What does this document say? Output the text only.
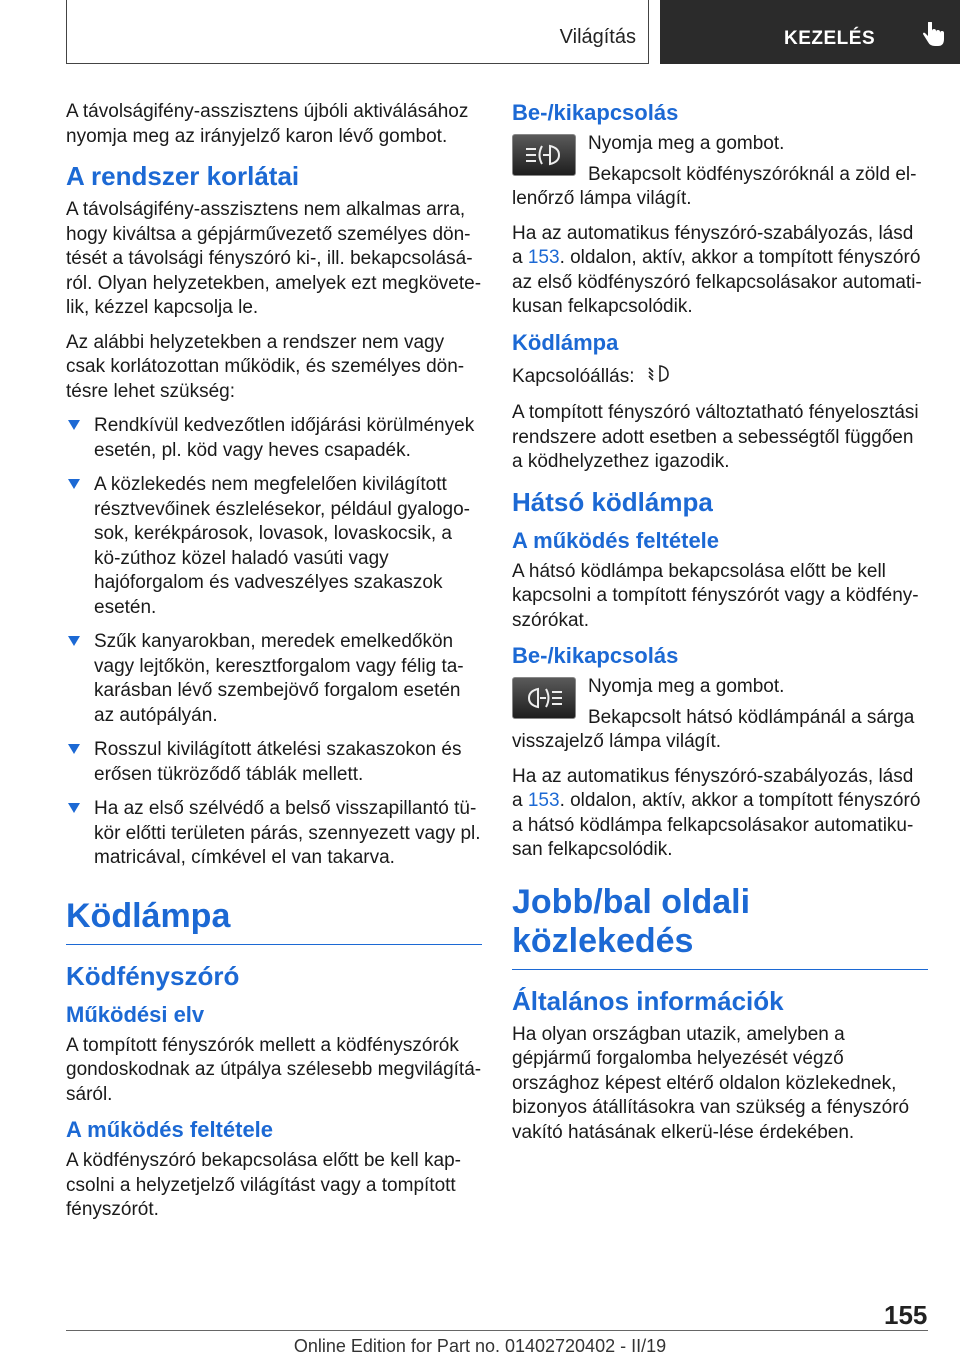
Világítás	KEZELÉS

A távolságifény-asszisztens újbóli aktiválásához nyomja meg az irányjelző karon lévő gombot.

A rendszer korlátai

A távolságifény-asszisztens nem alkalmas arra, hogy kiváltsa a gépjárművezető személyes dön-tését a távolsági fényszóró ki-, ill. bekapcsolásá-ról. Olyan helyzetekben, amelyek ezt megkövete-lik, kézzel kapcsolja le.

Az alábbi helyzetekben a rendszer nem vagy csak korlátozottan működik, és személyes dön-tésre lehet szükség:

Rendkívül kedvezőtlen időjárási körülmények esetén, pl. köd vagy heves csapadék.
A közlekedés nem megfelelően kivilágított résztvevőinek észlelésekor, például gyalogo-sok, kerékpárosok, lovasok, lovaskocsik, a kö-zúthoz közel haladó vasúti vagy hajóforgalom és vadveszélyes szakaszok esetén.
Szűk kanyarokban, meredek emelkedőkön vagy lejtőkön, keresztforgalom vagy félig ta-karásban lévő szembejövő forgalom esetén az autópályán.
Rosszul kivilágított átkelési szakaszokon és erősen tükröződő táblák mellett.
Ha az első szélvédő a belső visszapillantó tü-kör előtti területen párás, szennyezett vagy pl. matricával, címkével el van takarva.
Ködlámpa
Ködfényszóró
Működési elv

A tompított fényszórók mellett a ködfényszórók gondoskodnak az útpálya szélesebb megvilágítá-sáról.

A működés feltétele

A ködfényszóró bekapcsolása előtt be kell kap-csolni a helyzetjelző világítást vagy a tompított fényszórót.

Be-/kikapcsolás

Nyomja meg a gombot.

Bekapcsolt ködfényszóróknál a zöld el-lenőrző lámpa világít.

Ha az automatikus fényszóró-szabályozás, lásd a 153. oldalon, aktív, akkor a tompított fényszóró az első ködfényszóró felkapcsolásakor automati-kusan felkapcsolódik.

Ködlámpa

Kapcsolóállás:

A tompított fényszóró változtatható fényelosztási rendszere adott esetben a sebességtől függően a ködhelyzethez igazodik.

Hátsó ködlámpa
A működés feltétele

A hátsó ködlámpa bekapcsolása előtt be kell kapcsolni a tompított fényszórót vagy a ködfény-szórókat.

Be-/kikapcsolás

Nyomja meg a gombot.

Bekapcsolt hátsó ködlámpánál a sárga visszajelző lámpa világít.

Ha az automatikus fényszóró-szabályozás, lásd a 153. oldalon, aktív, akkor a tompított fényszóró a hátsó ködlámpa felkapcsolásakor automatiku-san felkapcsolódik.

Jobb/bal oldali közlekedés
Általános információk

Ha olyan országban utazik, amelyben a gépjármű forgalomba helyezését végző országhoz képest eltérő oldalon közlekednek, bizonyos átállításokra van szükség a fényszóró vakító hatásának elkerü-lése érdekében.

155
Online Edition for Part no. 01402720402 - II/19
